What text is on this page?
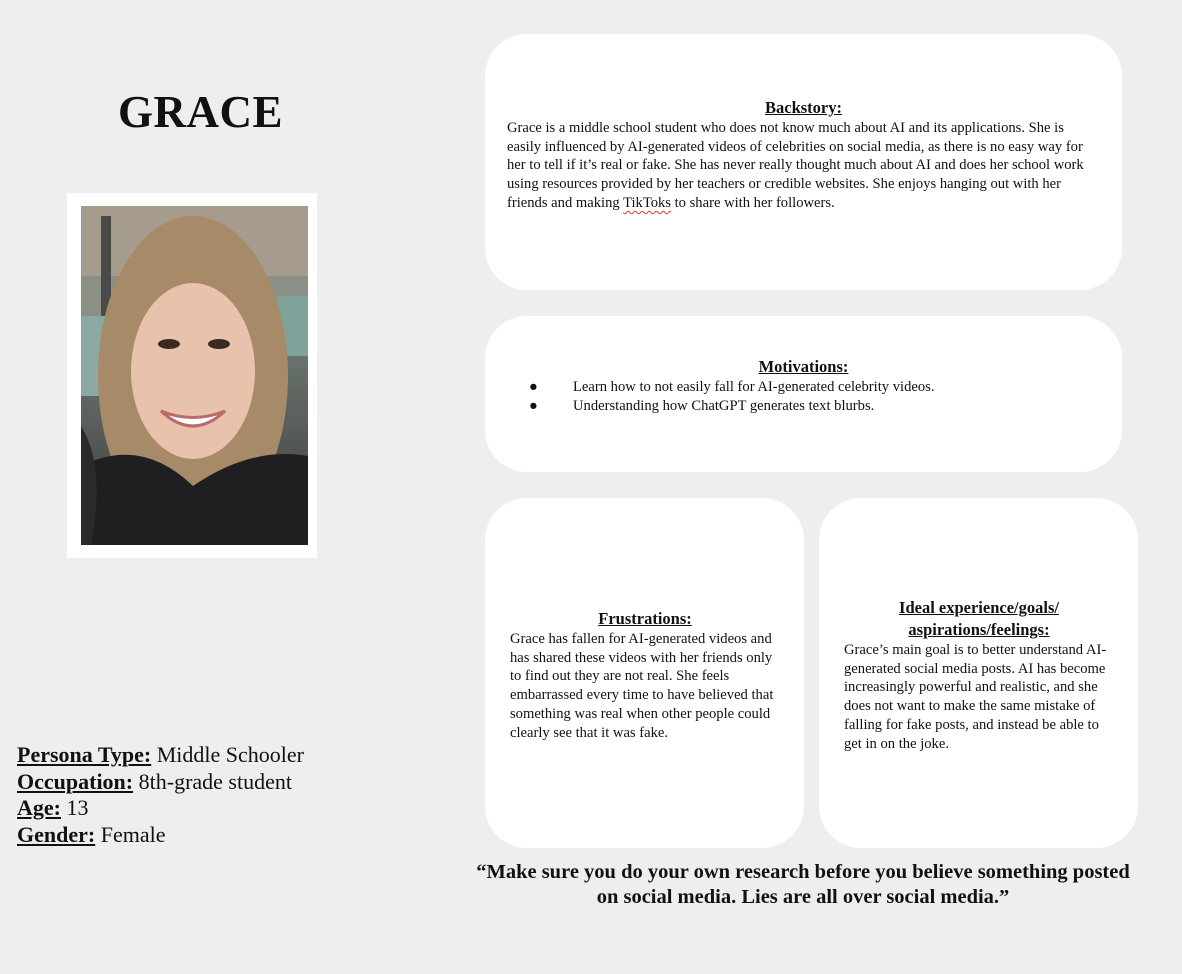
GRACE
Persona Type: Middle Schooler
Occupation: 8th-grade student
Age: 13
Gender: Female
Backstory:

Grace is a middle school student who does not know much about AI and its applications. She is easily influenced by AI-generated videos of celebrities on social media, as there is no easy way for her to tell if it’s real or fake. She has never really thought much about AI and does her school work using resources provided by her teachers or credible websites. She enjoys hanging out with her friends and making TikToks to share with her followers.

Motivations:
● Learn how to not easily fall for AI-generated celebrity videos.
● Understanding how ChatGPT generates text blurbs.
Frustrations:

Grace has fallen for AI-generated videos and has shared these videos with her friends only to find out they are not real. She feels embarrassed every time to have believed that something was real when other people could clearly see that it was fake.

Ideal experience/goals/
aspirations/feelings:

Grace’s main goal is to better understand AI-generated social media posts. AI has become increasingly powerful and realistic, and she does not want to make the same mistake of falling for fake posts, and instead be able to get in on the joke.

“Make sure you do your own research before you believe something posted on social media. Lies are all over social media.”
